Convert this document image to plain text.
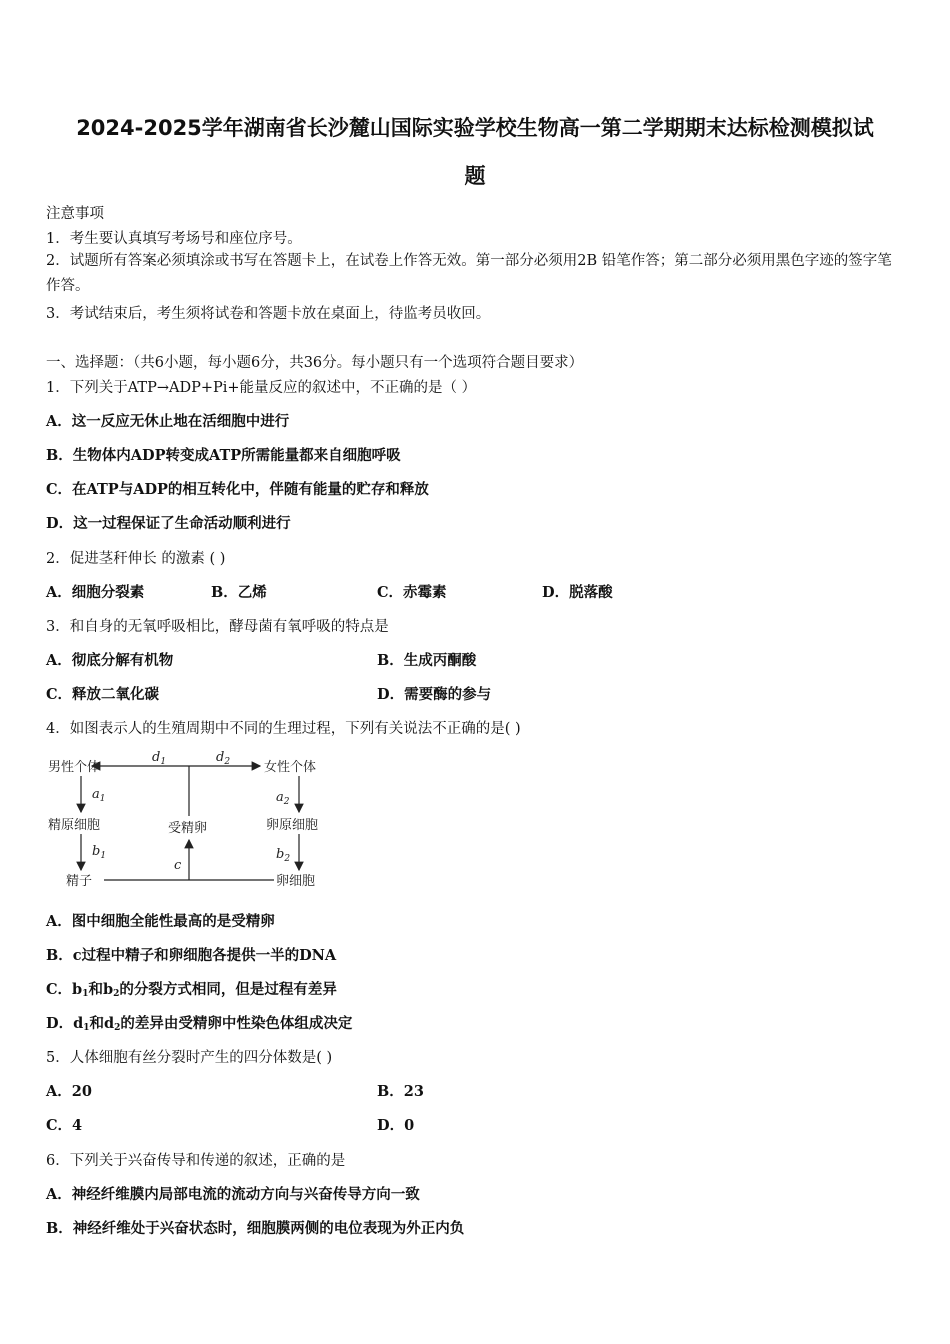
2024-2025学年湖南省长沙麓山国际实验学校生物高一第二学期期末达标检测模拟试
题
注意事项
1．考生要认真填写考场号和座位序号。
2．试题所有答案必须填涂或书写在答题卡上，在试卷上作答无效。第一部分必须用2B 铅笔作答；第二部分必须用黑色字迹的签字笔作答。
3．考试结束后，考生须将试卷和答题卡放在桌面上，待监考员收回。
一、选择题：（共6小题，每小题6分，共36分。每小题只有一个选项符合题目要求）
1．下列关于ATP→ADP+Pi+能量反应的叙述中，不正确的是（ ）
A．这一反应无休止地在活细胞中进行
B．生物体内ADP转变成ATP所需能量都来自细胞呼吸
C．在ATP与ADP的相互转化中，伴随有能量的贮存和释放
D．这一过程保证了生命活动顺利进行
2．促进茎秆伸长 的激素 ( )
A．细胞分裂素	B．乙烯	C．赤霉素	D．脱落酸
3．和自身的无氧呼吸相比，酵母菌有氧呼吸的特点是
A．彻底分解有机物	B．生成丙酮酸
C．释放二氧化碳	D．需要酶的参与
4．如图表示人的生殖周期中不同的生理过程，下列有关说法不正确的是( )
男性个体	女性个体
精原细胞	受精卵	卵原细胞
精子	卵细胞
$d_1$	$d_2$
$a_1$
$b_1$
$a_2$
$b_2$
c
A．图中细胞全能性最高的是受精卵
B．c过程中精子和卵细胞各提供一半的DNA
C．$b_1$和$b_2$的分裂方式相同，但是过程有差异
D．$d_1$和$d_2$的差异由受精卵中性染色体组成决定
5．人体细胞有丝分裂时产生的四分体数是( )
A．20	B．23
C．4	D．0
6．下列关于兴奋传导和传递的叙述，正确的是
A．神经纤维膜内局部电流的流动方向与兴奋传导方向一致
B．神经纤维处于兴奋状态时，细胞膜两侧的电位表现为外正内负
